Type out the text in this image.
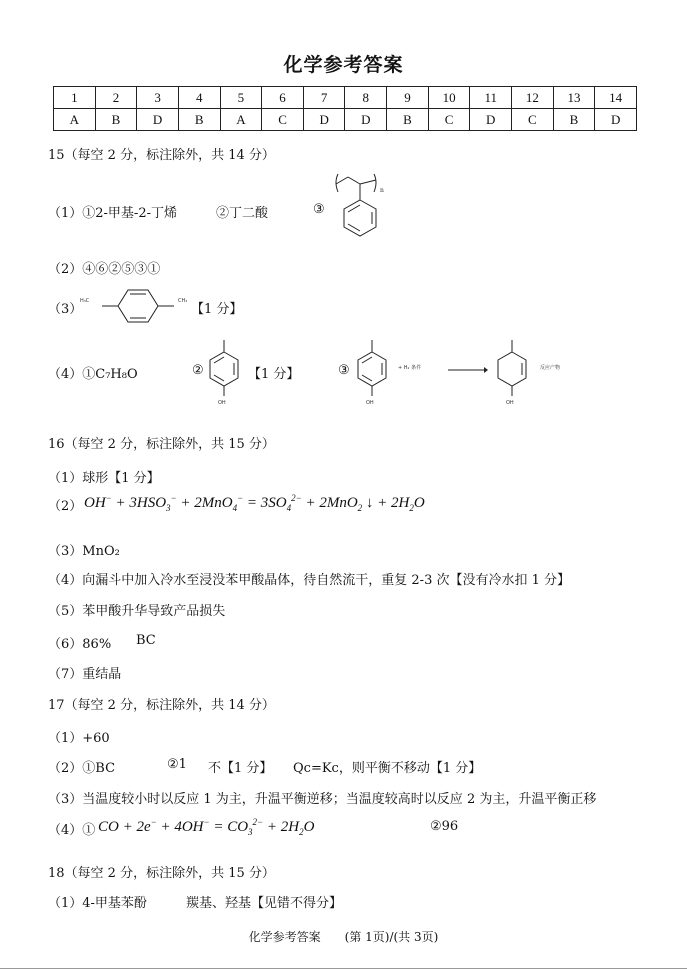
化学参考答案
1	2	3	4	5	6	7	8	9	10	11	12	13	14
A	B	D	B	A	C	D	D	B	C	D	C	B	D
15（每空 2 分，标注除外，共 14 分）
（1）①2-甲基-2-丁烯	②丁二酸	③
n
（2）④⑥②⑤③①
（3）
H₃C	CH₃
【1 分】
（4）①C₇H₈O	②
OH
【1 分】	③
OH
+ H₂ 条件
OH
反应产物
16（每空 2 分，标注除外，共 15 分）
（1）球形【1 分】
（2） $OH^- + 3HSO_3^- + 2MnO_4^- = 3SO_4^{2-} + 2MnO_2$ ↓ + $2H_2O$
（3）MnO₂
（4）向漏斗中加入冷水至浸没苯甲酸晶体，待自然流干，重复 2-3 次【没有冷水扣 1 分】
（5）苯甲酸升华导致产品损失
（6）86% BC
（7）重结晶
17（每空 2 分，标注除外，共 14 分）
（1）+60
（2）①BC	②1 不【1 分】 Qc=Kc，则平衡不移动【1 分】
（3）当温度较小时以反应 1 为主，升温平衡逆移；当温度较高时以反应 2 为主，升温平衡正移
（4）① CO + $2e^- + 4OH^- = CO_3^{2-} + 2H_2O$	②96
18（每空 2 分，标注除外，共 15 分）
（1）4-甲基苯酚	羰基、羟基【见错不得分】
化学参考答案　　(第 1页)/(共 3页)
